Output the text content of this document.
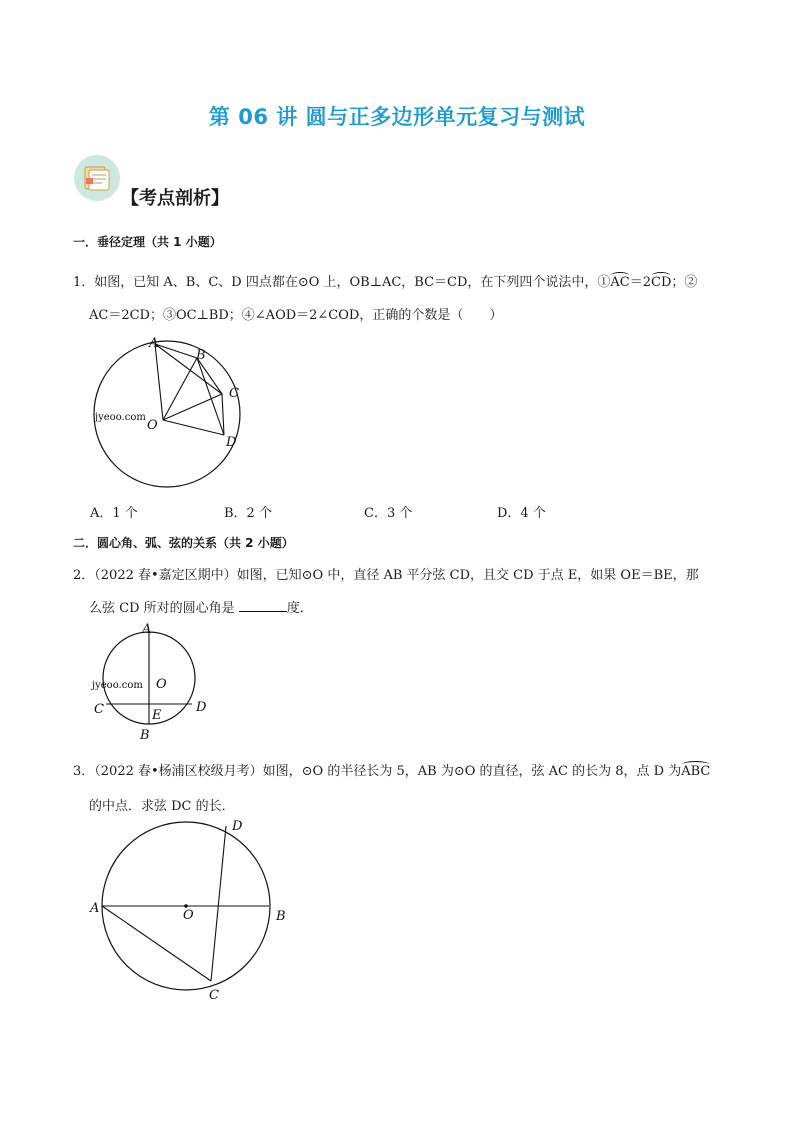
第 06 讲 圆与正多边形单元复习与测试
【考点剖析】
一．垂径定理（共 1 小题）
1．如图，已知 A、B、C、D 四点都在⊙O 上，OB⊥AC，BC＝CD，在下列四个说法中，①AC＝2CD；②
AC＝2CD；③OC⊥BD；④∠AOD＝2∠COD，正确的个数是（　　）
jyeoo.com
A
B
C
D
O
A．1 个	B．2 个	C．3 个	D．4 个
二．圆心角、弧、弦的关系（共 2 小题）
2．（2022 春•嘉定区期中）如图，已知⊙O 中，直径 AB 平分弦 CD，且交 CD 于点 E，如果 OE＝BE，那
么弦 CD 所对的圆心角是	度．
jyeoo.com
A
O
C	D
E
B
3．（2022 春•杨浦区校级月考）如图，⊙O 的半径长为 5，AB 为⊙O 的直径，弦 AC 的长为 8，点 D 为ABC
的中点．求弦 DC 的长．
A	O	B
D
C
